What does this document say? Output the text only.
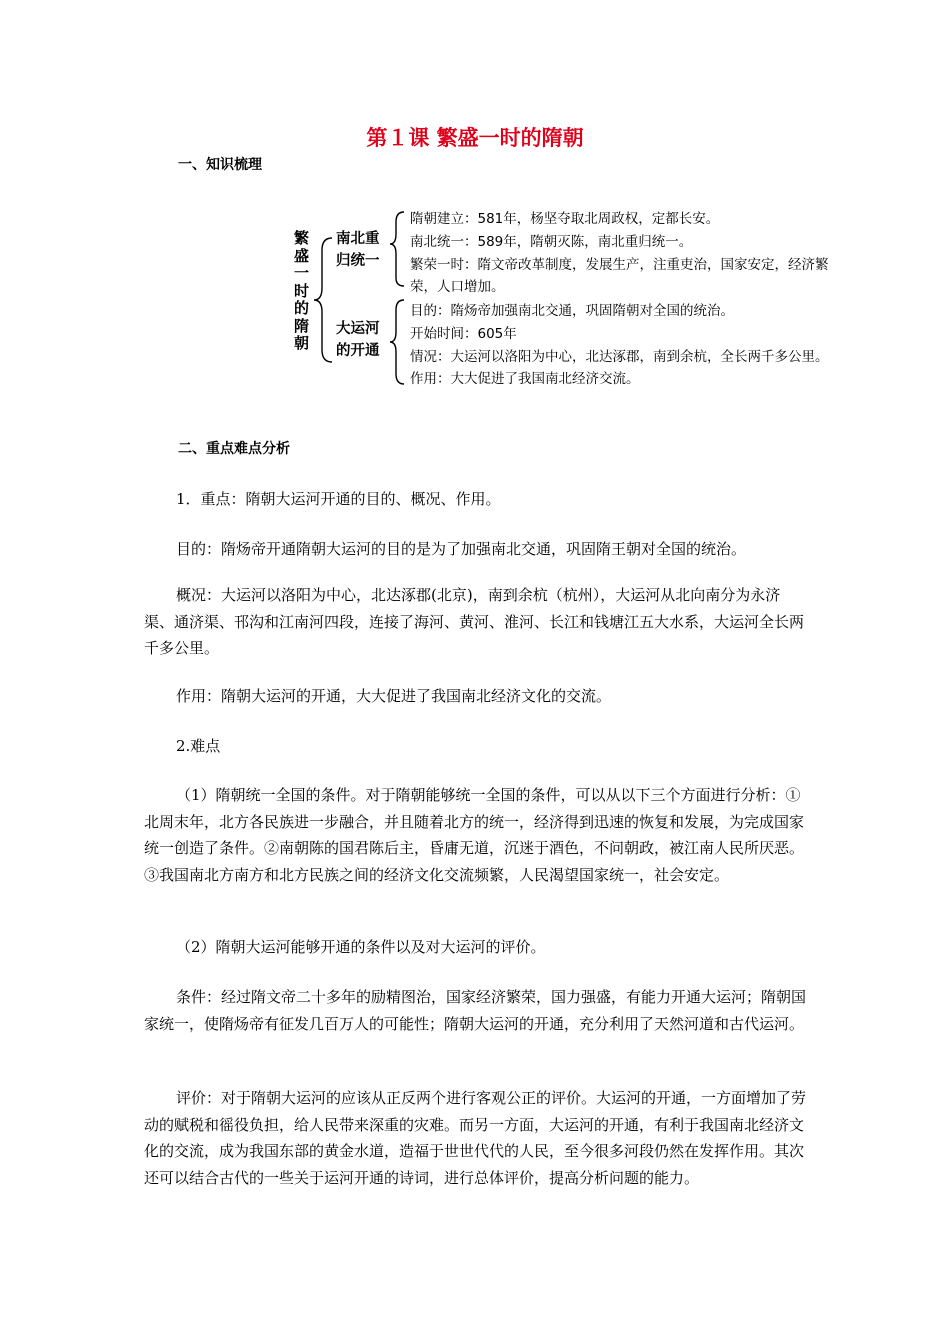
第１课 繁盛一时的隋朝
一、知识梳理
繁盛一时的隋朝
南北重归统一
隋朝建立：581年，杨坚夺取北周政权，定都长安。
南北统一：589年，隋朝灭陈，南北重归统一。
繁荣一时：隋文帝改革制度，发展生产，注重吏治，国家安定，经济繁
荣，人口增加。
大运河的开通
目的：隋炀帝加强南北交通，巩固隋朝对全国的统治。
开始时间：605年
情况：大运河以洛阳为中心，北达涿郡，南到余杭，全长两千多公里。
作用：大大促进了我国南北经济交流。
二、重点难点分析
1．重点：隋朝大运河开通的目的、概况、作用。
目的：隋炀帝开通隋朝大运河的目的是为了加强南北交通，巩固隋王朝对全国的统治。
概况：大运河以洛阳为中心，北达涿郡(北京)，南到余杭（杭州），大运河从北向南分为永济渠、通济渠、邗沟和江南河四段，连接了海河、黄河、淮河、长江和钱塘江五大水系，大运河全长两千多公里。
作用：隋朝大运河的开通，大大促进了我国南北经济文化的交流。
2.难点
（1）隋朝统一全国的条件。对于隋朝能够统一全国的条件，可以从以下三个方面进行分析：①北周末年，北方各民族进一步融合，并且随着北方的统一，经济得到迅速的恢复和发展，为完成国家统一创造了条件。②南朝陈的国君陈后主，昏庸无道，沉迷于酒色，不问朝政，被江南人民所厌恶。③我国南北方南方和北方民族之间的经济文化交流频繁，人民渴望国家统一，社会安定。
（2）隋朝大运河能够开通的条件以及对大运河的评价。
条件：经过隋文帝二十多年的励精图治，国家经济繁荣，国力强盛，有能力开通大运河；隋朝国家统一，使隋炀帝有征发几百万人的可能性；隋朝大运河的开通，充分利用了天然河道和古代运河。
评价：对于隋朝大运河的应该从正反两个进行客观公正的评价。大运河的开通，一方面增加了劳动的赋税和徭役负担，给人民带来深重的灾难。而另一方面，大运河的开通，有利于我国南北经济文化的交流，成为我国东部的黄金水道，造福于世世代代的人民，至今很多河段仍然在发挥作用。其次还可以结合古代的一些关于运河开通的诗词，进行总体评价，提高分析问题的能力。
